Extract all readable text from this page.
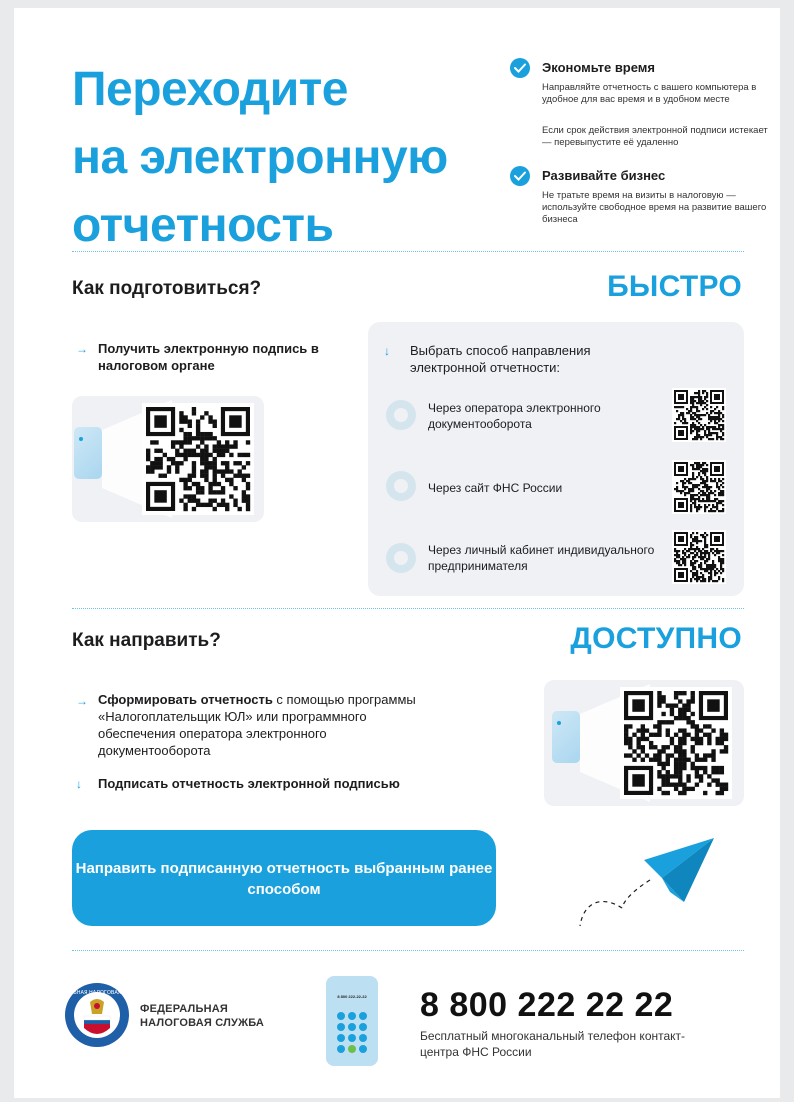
Переходите
на электронную
отчетность
Экономьте время
Направляйте отчетность с вашего компьютера в удобное для вас время и в удобном месте
Если срок действия электронной подписи истекает — перевыпустите её удаленно
Развивайте бизнес
Не тратьте время на визиты в налоговую — используйте свободное время на развитие вашего бизнеса
Как подготовиться?	БЫСТРО
→ Получить электронную подпись в налоговом органе
↓ Выбрать способ направления электронной отчетности:
Через оператора электронного документооборота
Через сайт ФНС России
Через личный кабинет индивидуального предпринимателя
Как направить?	ДОСТУПНО
→ Сформировать отчетность с помощью программы «Налогоплательщик ЮЛ» или программного обеспечения оператора электронного документооборота
↓ Подписать отчетность электронной подписью
Направить подписанную отчетность выбранным ранее способом
ФЕДЕРАЛЬНАЯ НАЛОГОВАЯ СЛУЖБА
ФЕДЕРАЛЬНАЯ
НАЛОГОВАЯ СЛУЖБА
8 800 222-22-22 8 800 222 22 22
Бесплатный многоканальный телефон контакт-центра ФНС России
